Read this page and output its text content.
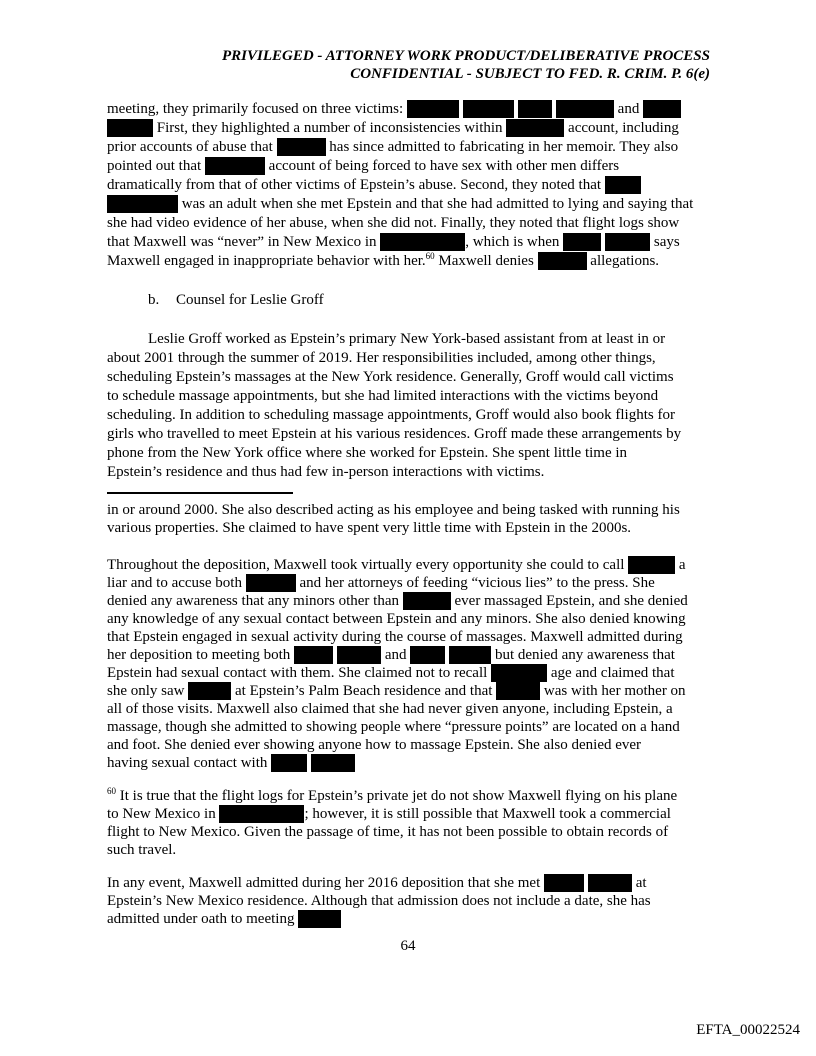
PRIVILEGED - ATTORNEY WORK PRODUCT/DELIBERATIVE PROCESS
CONFIDENTIAL - SUBJECT TO FED. R. CRIM. P. 6(e)
meeting, they primarily focused on three victims:	and
First, they highlighted a number of inconsistencies within	account, including
prior accounts of abuse that	has since admitted to fabricating in her memoir. They also
pointed out that	account of being forced to have sex with other men differs
dramatically from that of other victims of Epstein’s abuse. Second, they noted that
was an adult when she met Epstein and that she had admitted to lying and saying that
she had video evidence of her abuse, when she did not. Finally, they noted that flight logs show
that Maxwell was “never” in New Mexico in	, which is when	says
Maxwell engaged in inappropriate behavior with her.$^{60}$ Maxwell denies	allegations.
b. Counsel for Leslie Groff
Leslie Groff worked as Epstein’s primary New York-based assistant from at least in or
about 2001 through the summer of 2019. Her responsibilities included, among other things,
scheduling Epstein’s massages at the New York residence. Generally, Groff would call victims
to schedule massage appointments, but she had limited interactions with the victims beyond
scheduling. In addition to scheduling massage appointments, Groff would also book flights for
girls who travelled to meet Epstein at his various residences. Groff made these arrangements by
phone from the New York office where she worked for Epstein. She spent little time in
Epstein’s residence and thus had few in-person interactions with victims.
in or around 2000. She also described acting as his employee and being tasked with running his
various properties. She claimed to have spent very little time with Epstein in the 2000s.
Throughout the deposition, Maxwell took virtually every opportunity she could to call	a
liar and to accuse both	and her attorneys of feeding “vicious lies” to the press. She
denied any awareness that any minors other than	ever massaged Epstein, and she denied
any knowledge of any sexual contact between Epstein and any minors. She also denied knowing
that Epstein engaged in sexual activity during the course of massages. Maxwell admitted during
her deposition to meeting both	and	but denied any awareness that
Epstein had sexual contact with them. She claimed not to recall	age and claimed that
she only saw	at Epstein’s Palm Beach residence and that	was with her mother on
all of those visits. Maxwell also claimed that she had never given anyone, including Epstein, a
massage, though she admitted to showing people where “pressure points” are located on a hand
and foot. She denied ever showing anyone how to massage Epstein. She also denied ever
having sexual contact with
$^{60}$ It is true that the flight logs for Epstein’s private jet do not show Maxwell flying on his plane
to New Mexico in	; however, it is still possible that Maxwell took a commercial
flight to New Mexico. Given the passage of time, it has not been possible to obtain records of
such travel.
In any event, Maxwell admitted during her 2016 deposition that she met	at
Epstein’s New Mexico residence. Although that admission does not include a date, she has
admitted under oath to meeting
64
EFTA_00022524
